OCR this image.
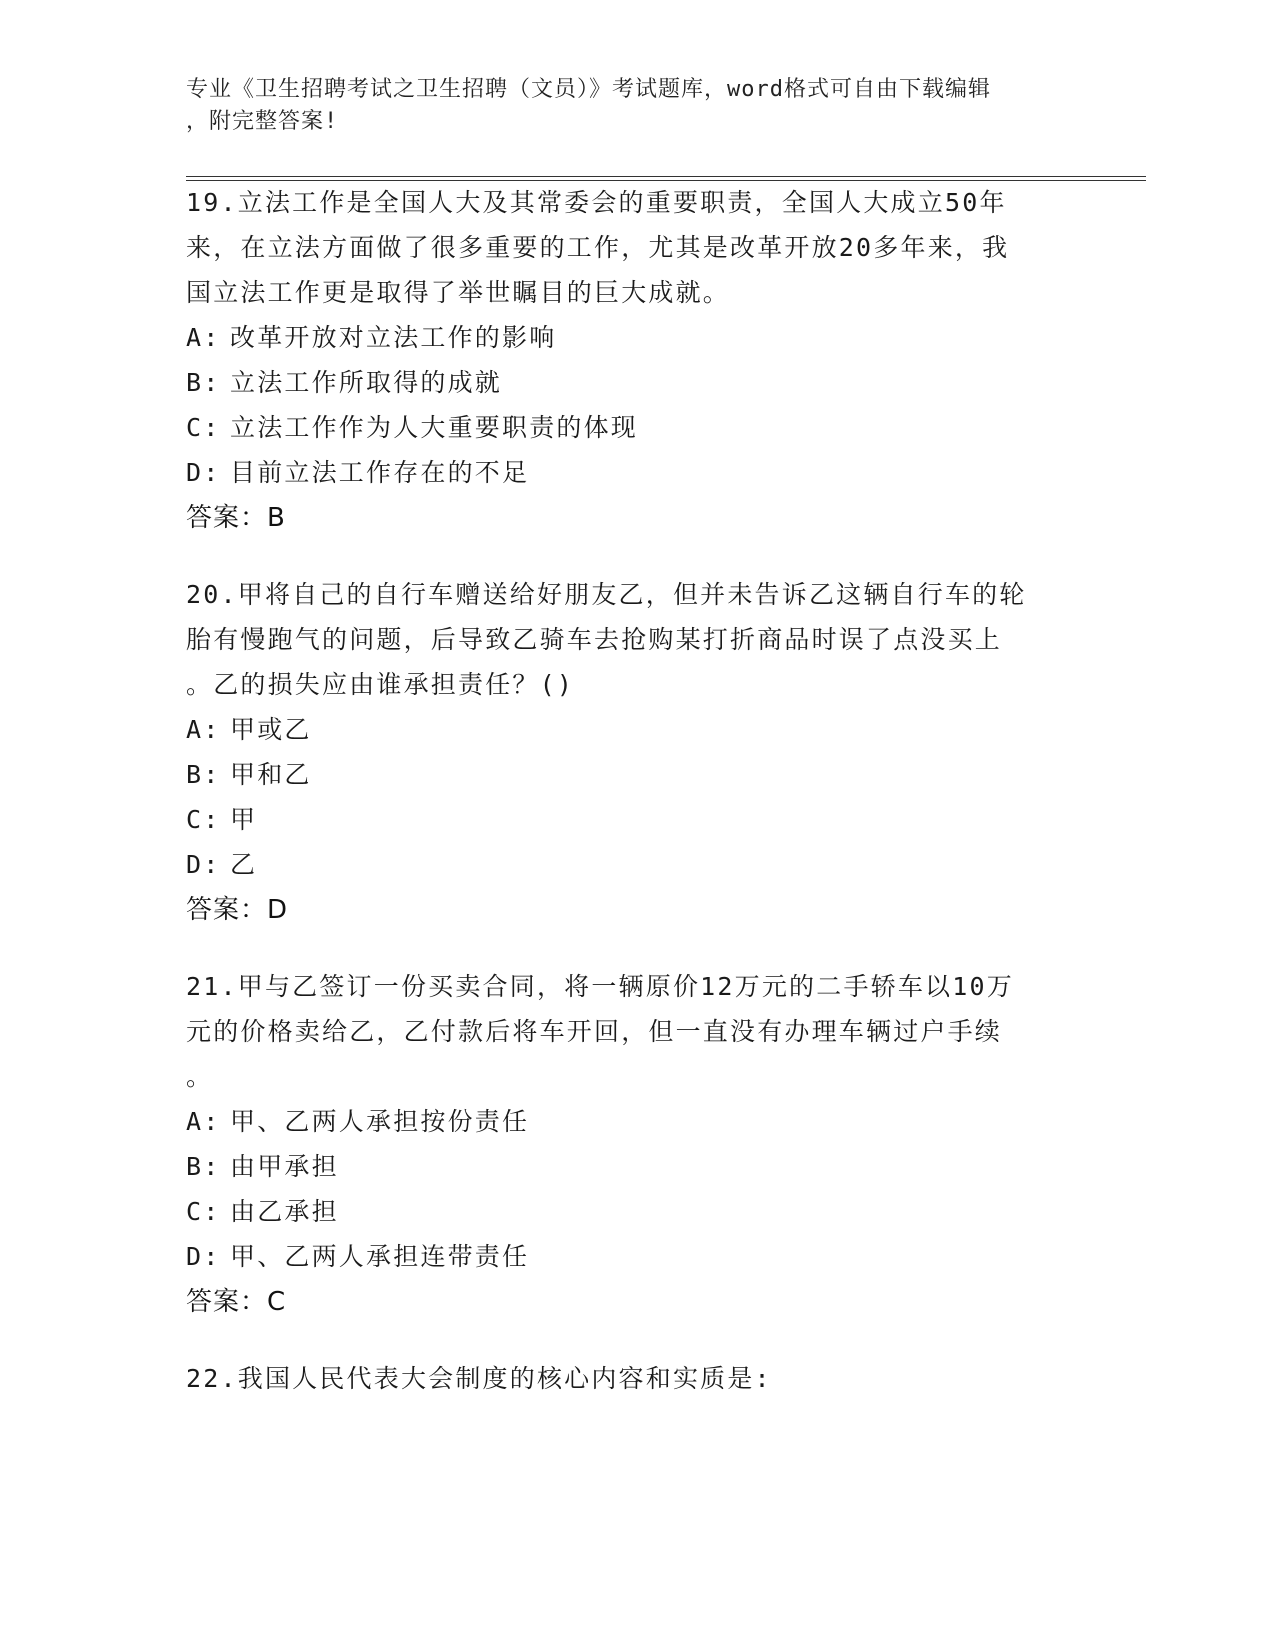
专业《卫生招聘考试之卫生招聘（文员）》考试题库，word格式可自由下载编辑
，附完整答案!

19.立法工作是全国人大及其常委会的重要职责，全国人大成立50年

来，在立法方面做了很多重要的工作，尤其是改革开放20多年来，我

国立法工作更是取得了举世瞩目的巨大成就。

A: 改革开放对立法工作的影响

B: 立法工作所取得的成就

C: 立法工作作为人大重要职责的体现

D: 目前立法工作存在的不足

答案：B

20.甲将自己的自行车赠送给好朋友乙，但并未告诉乙这辆自行车的轮

胎有慢跑气的问题，后导致乙骑车去抢购某打折商品时误了点没买上

。乙的损失应由谁承担责任？()

A: 甲或乙

B: 甲和乙

C: 甲

D: 乙

答案：D

21.甲与乙签订一份买卖合同，将一辆原价12万元的二手轿车以10万

元的价格卖给乙，乙付款后将车开回，但一直没有办理车辆过户手续

。

A: 甲、乙两人承担按份责任

B: 由甲承担

C: 由乙承担

D: 甲、乙两人承担连带责任

答案：C

22.我国人民代表大会制度的核心内容和实质是:
